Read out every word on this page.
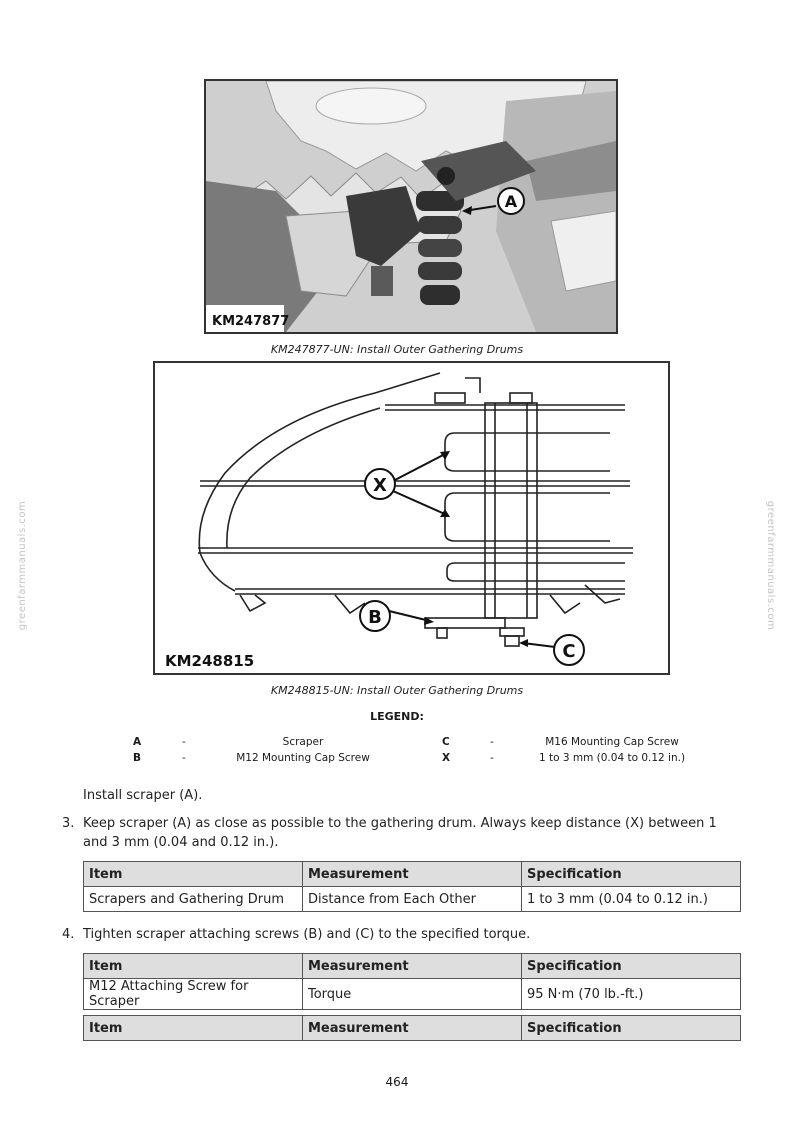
greenfarmmanuals.com	greenfarmmanuals.com
A
KM247877
KM247877-UN: Install Outer Gathering Drums
X
B
C
KM248815
KM248815-UN: Install Outer Gathering Drums
LEGEND:
A	-	Scraper	C	-	M16 Mounting Cap Screw
B	-	M12 Mounting Cap Screw	X	-	1 to 3 mm (0.04 to 0.12 in.)
Install scraper (A).
3. Keep scraper (A) as close as possible to the gathering drum. Always keep distance (X) between 1 and 3 mm (0.04 and 0.12 in.).
Item	Measurement	Specification
Scrapers and Gathering Drum	Distance from Each Other	1 to 3 mm (0.04 to 0.12 in.)
4. Tighten scraper attaching screws (B) and (C) to the specified torque.
Item	Measurement	Specification
M12 Attaching Screw for Scraper	Torque	95 N·m (70 lb.-ft.)
Item	Measurement	Specification
464
